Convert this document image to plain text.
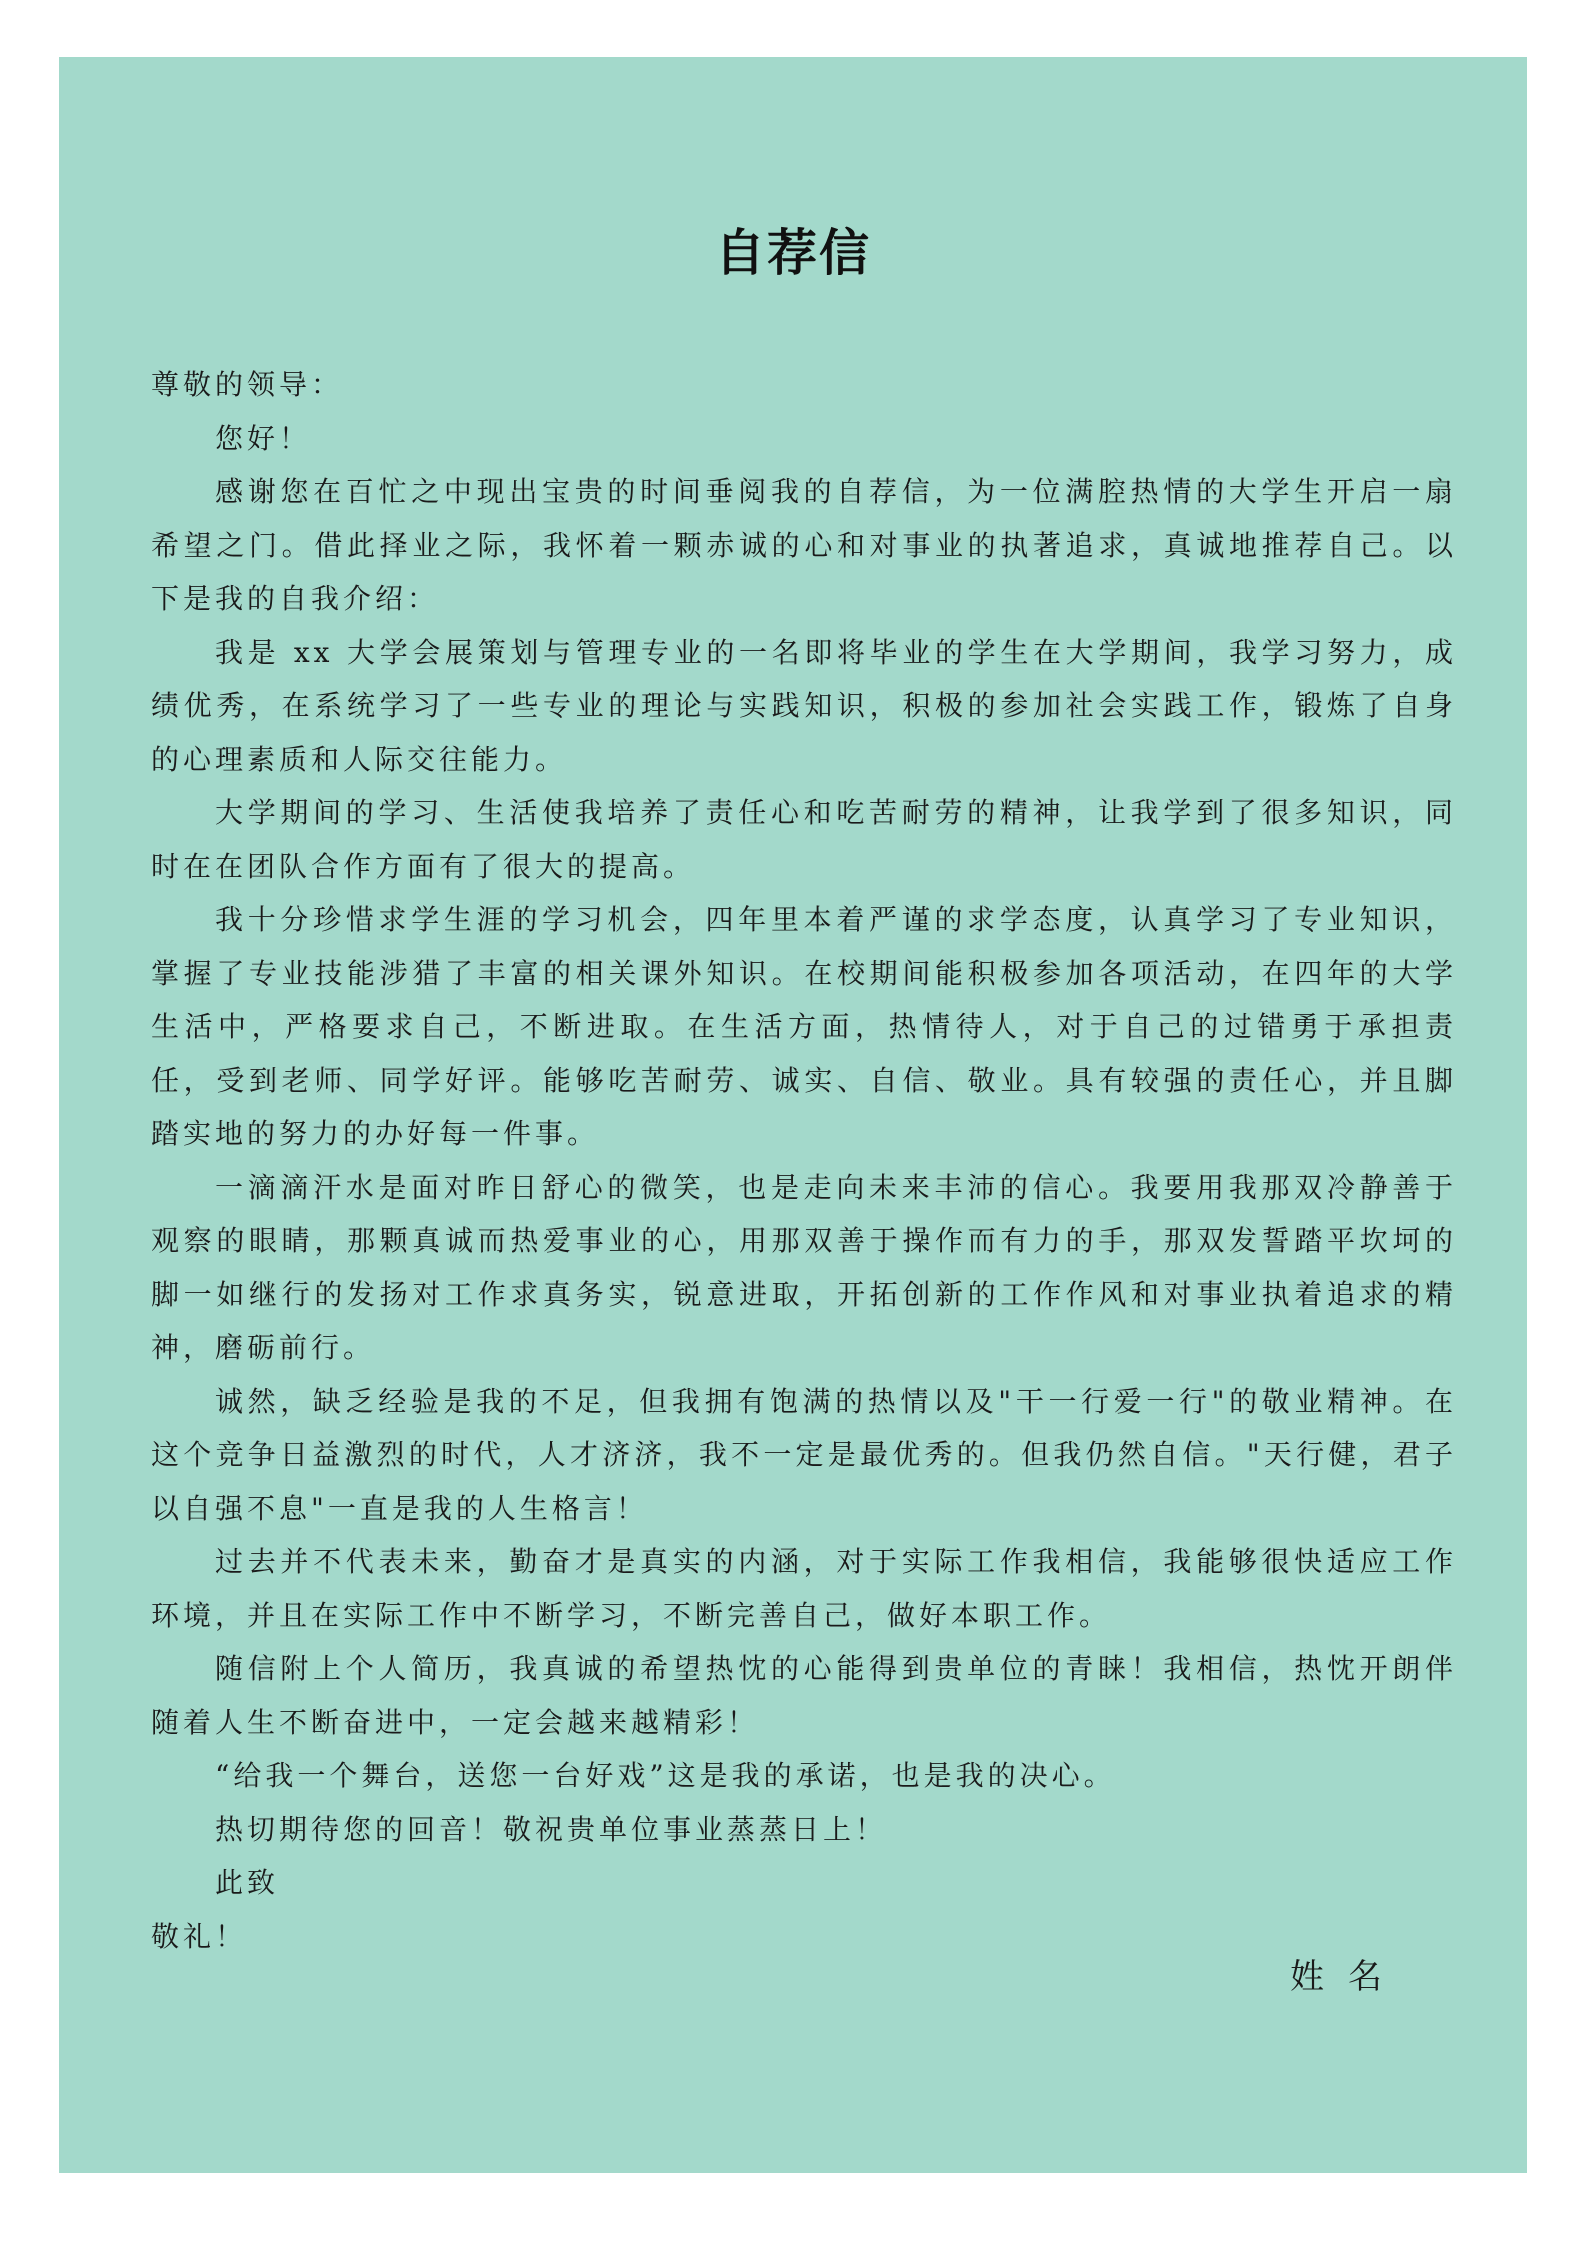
自荐信

尊敬的领导：

您好！

感谢您在百忙之中现出宝贵的时间垂阅我的自荐信，为一位满腔热情的大学生开启一扇希望之门。借此择业之际，我怀着一颗赤诚的心和对事业的执著追求，真诚地推荐自己。以下是我的自我介绍：

我是 xx 大学会展策划与管理专业的一名即将毕业的学生在大学期间，我学习努力，成绩优秀，在系统学习了一些专业的理论与实践知识，积极的参加社会实践工作，锻炼了自身的心理素质和人际交往能力。

大学期间的学习、生活使我培养了责任心和吃苦耐劳的精神，让我学到了很多知识，同时在在团队合作方面有了很大的提高。

我十分珍惜求学生涯的学习机会，四年里本着严谨的求学态度，认真学习了专业知识，掌握了专业技能涉猎了丰富的相关课外知识。在校期间能积极参加各项活动，在四年的大学生活中，严格要求自己，不断进取。在生活方面，热情待人，对于自己的过错勇于承担责任，受到老师、同学好评。能够吃苦耐劳、诚实、自信、敬业。具有较强的责任心，并且脚踏实地的努力的办好每一件事。

一滴滴汗水是面对昨日舒心的微笑，也是走向未来丰沛的信心。我要用我那双冷静善于观察的眼睛，那颗真诚而热爱事业的心，用那双善于操作而有力的手，那双发誓踏平坎坷的脚一如继行的发扬对工作求真务实，锐意进取，开拓创新的工作作风和对事业执着追求的精神，磨砺前行。

诚然，缺乏经验是我的不足，但我拥有饱满的热情以及"干一行爱一行"的敬业精神。在这个竞争日益激烈的时代，人才济济，我不一定是最优秀的。但我仍然自信。"天行健，君子以自强不息"一直是我的人生格言！

过去并不代表未来，勤奋才是真实的内涵，对于实际工作我相信，我能够很快适应工作环境，并且在实际工作中不断学习，不断完善自己，做好本职工作。

随信附上个人简历，我真诚的希望热忱的心能得到贵单位的青睐！我相信，热忱开朗伴随着人生不断奋进中，一定会越来越精彩！

“给我一个舞台，送您一台好戏”这是我的承诺，也是我的决心。

热切期待您的回音！敬祝贵单位事业蒸蒸日上！

此致

敬礼！

姓名
